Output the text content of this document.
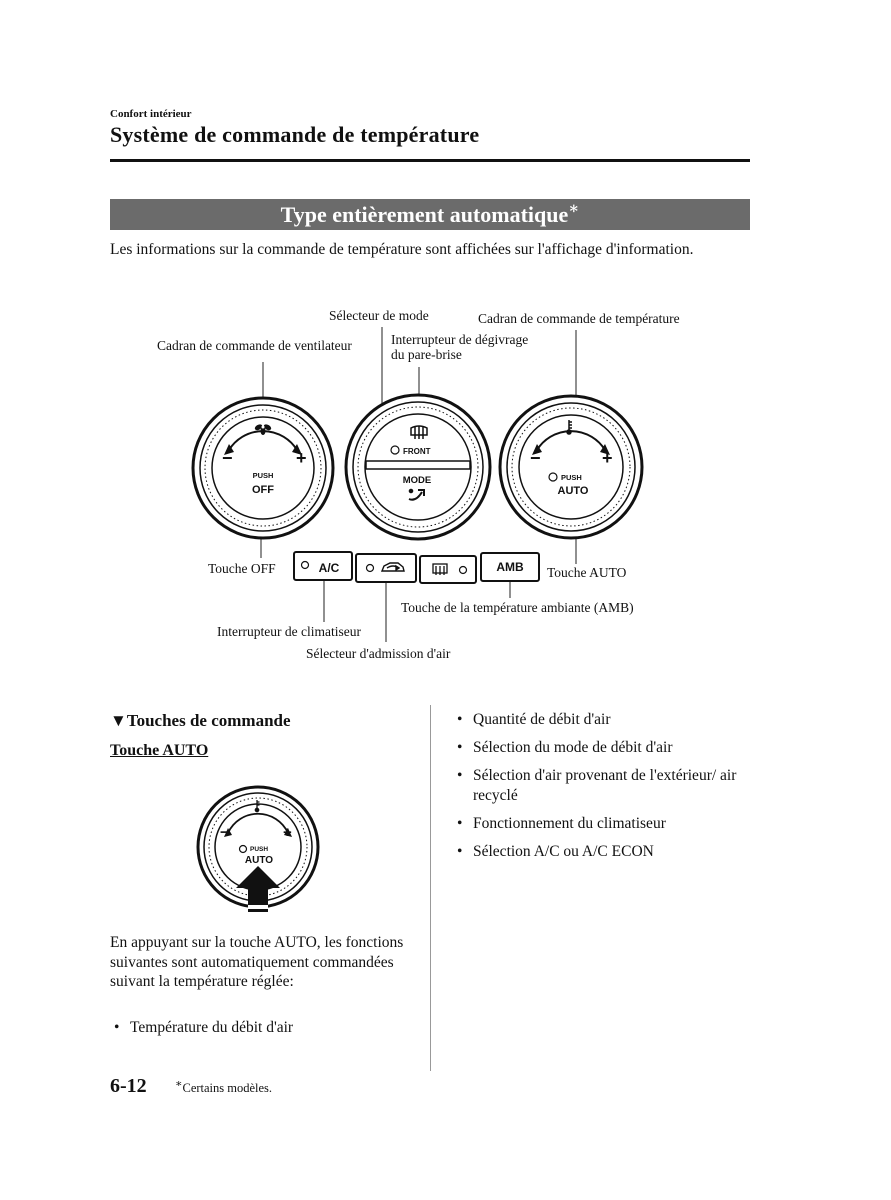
Confort intérieur
Système de commande de température
Type entièrement automatique∗
Les informations sur la commande de température sont affichées sur l'affichage d'information.
−	+
PUSH
OFF
FRONT
MODE
−	+
PUSH
AUTO
A/C	AMB
−	+
PUSH
AUTO
Sélecteur de mode	Cadran de commande de température
Interrupteur de dégivrage
du pare-brise
Cadran de commande de ventilateur
Touche OFF	Touche AUTO
Touche de la température ambiante (AMB)
Interrupteur de climatiseur
Sélecteur d'admission d'air
▼Touches de commande
Touche AUTO
En appuyant sur la touche AUTO, les fonctions suivantes sont automatiquement commandées suivant la température réglée:
• Température du débit d'air
• Quantité de débit d'air
• Sélection du mode de débit d'air
• Sélection d'air provenant de l'extérieur/ air recyclé
• Fonctionnement du climatiseur
• Sélection A/C ou A/C ECON
6-12	∗Certains modèles.
